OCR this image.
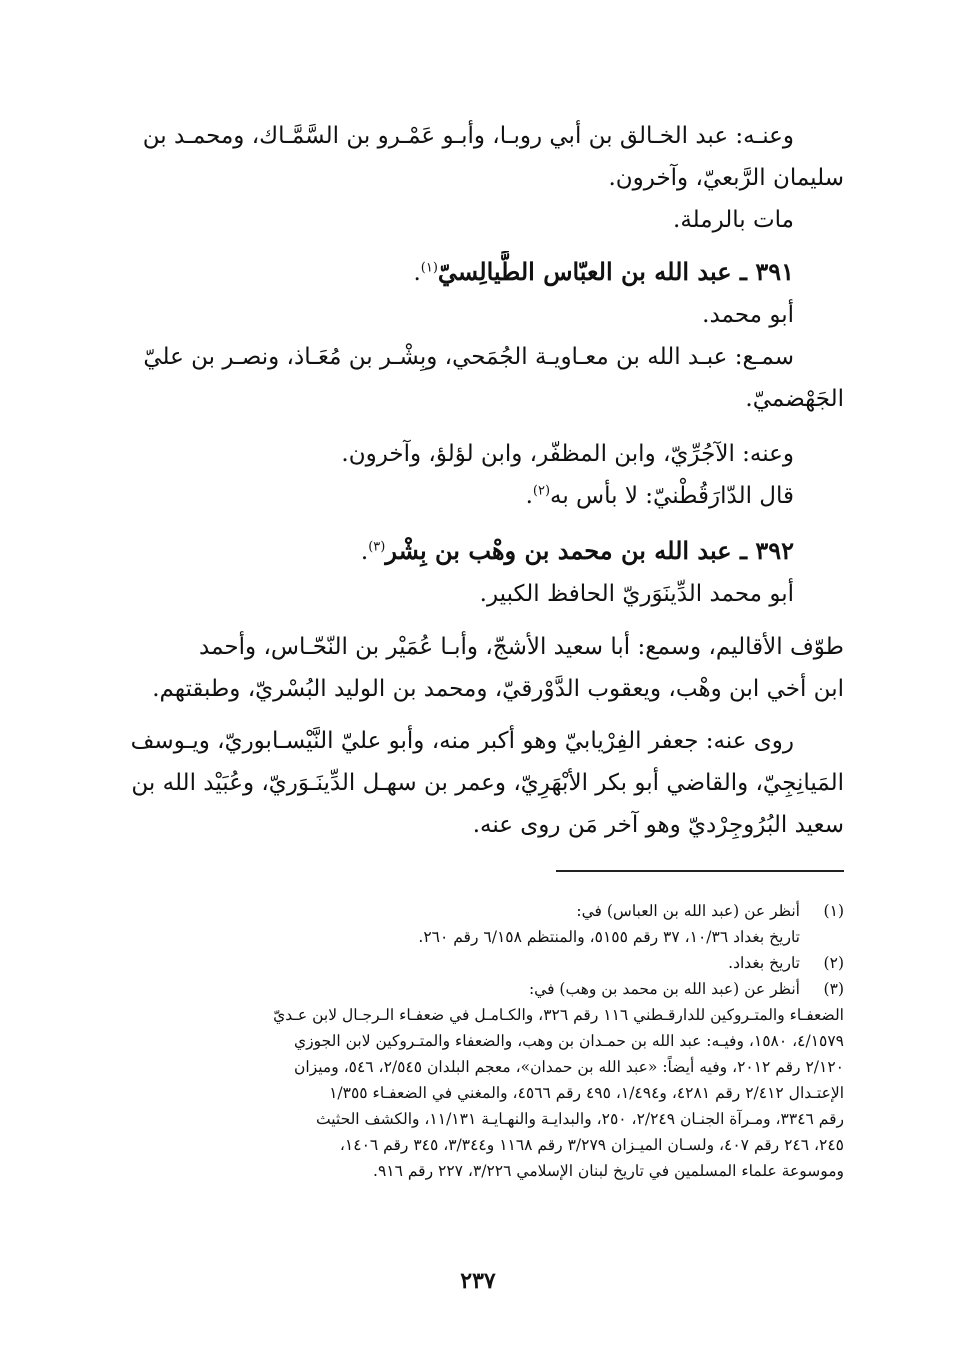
وعنـه: عبد الخـالق بن أبي روبـا، وأبـو عَمْـرو بن السَّمَّـاك، ومحمـد بن
سليمان الرَّبعيّ، وآخرون.
مات بالرملة.
٣٩١ ـ عبد الله بن العبّاس الطَّيالِسيّ$^{(١)}$.
أبو محمد.
سمـع: عبـد الله بن معـاويـة الجُمَحي، وبِشْـر بن مُعَـاذ، ونصـر بن عليّ
الجَهْضميّ.
وعنه: الآجُرِّيّ، وابن المظفّر، وابن لؤلؤ، وآخرون.
قال الدّارَقُطْنيّ: لا بأس به$^{(٢)}$.
٣٩٢ ـ عبد الله بن محمد بن وهْب بن بِشْر$^{(٣)}$.
أبو محمد الدِّينَوَريّ الحافظ الكبير.
طوّف الأقاليم، وسمع: أبا سعيد الأشجّ، وأبـا عُمَيْر بن النّحّـاس، وأحمد
ابن أخي ابن وهْب، ويعقوب الدَّوْرقيّ، ومحمد بن الوليد البُسْريّ، وطبقتهم.
روى عنه: جعفر الفِرْيابيّ وهو أكبر منه، وأبو عليّ النَّيْسـابوريّ، ويـوسف
المَيانِجِيّ، والقاضي أبو بكر الأبْهَرِيّ، وعمر بن سهـل الدِّينَـوَريّ، وعُبَيْد الله بن
سعيد البُرُوجِرْديّ وهو آخر مَن روى عنه.
(١)أنظر عن (عبد الله بن العباس) في:
تاريخ بغداد ١٠/٣٦، ٣٧ رقم ٥١٥٥، والمنتظم ٦/١٥٨ رقم ٢٦٠.
(٢)تاريخ بغداد.
(٣)أنظر عن (عبد الله بن محمد بن وهب) في:
الضعفـاء والمتـروكين للدارقـطني ١١٦ رقم ٣٢٦، والكـامـل في ضعفـاء الـرجـال لابن عـديّ
٤/١٥٧٩، ١٥٨٠، وفيـه: عبد الله بن حمـدان بن وهب، والضعفاء والمتـروكين لابن الجوزي
٢/١٢٠ رقم ٢٠١٢، وفيه أيضاً: «عبد الله بن حمدان»، معجم البلدان ٢/٥٤٥، ٥٤٦، وميزان
الإعتـدال ٢/٤١٢ رقم ٤٢٨١، و١/٤٩٤، ٤٩٥ رقم ٤٥٦٦، والمغني في الضعفـاء ١/٣٥٥
رقم ٣٣٤٦، ومـرآة الجنـان ٢/٢٤٩، ٢٥٠، والبدايـة والنهـايـة ١١/١٣١، والكشف الحثيث
٢٤٥، ٢٤٦ رقم ٤٠٧، ولسـان الميـزان ٣/٢٧٩ رقم ١١٦٨ و٣/٣٤٤، ٣٤٥ رقم ١٤٠٦،
وموسوعة علماء المسلمين في تاريخ لبنان الإسلامي ٣/٢٢٦، ٢٢٧ رقم ٩١٦.
٢٣٧
